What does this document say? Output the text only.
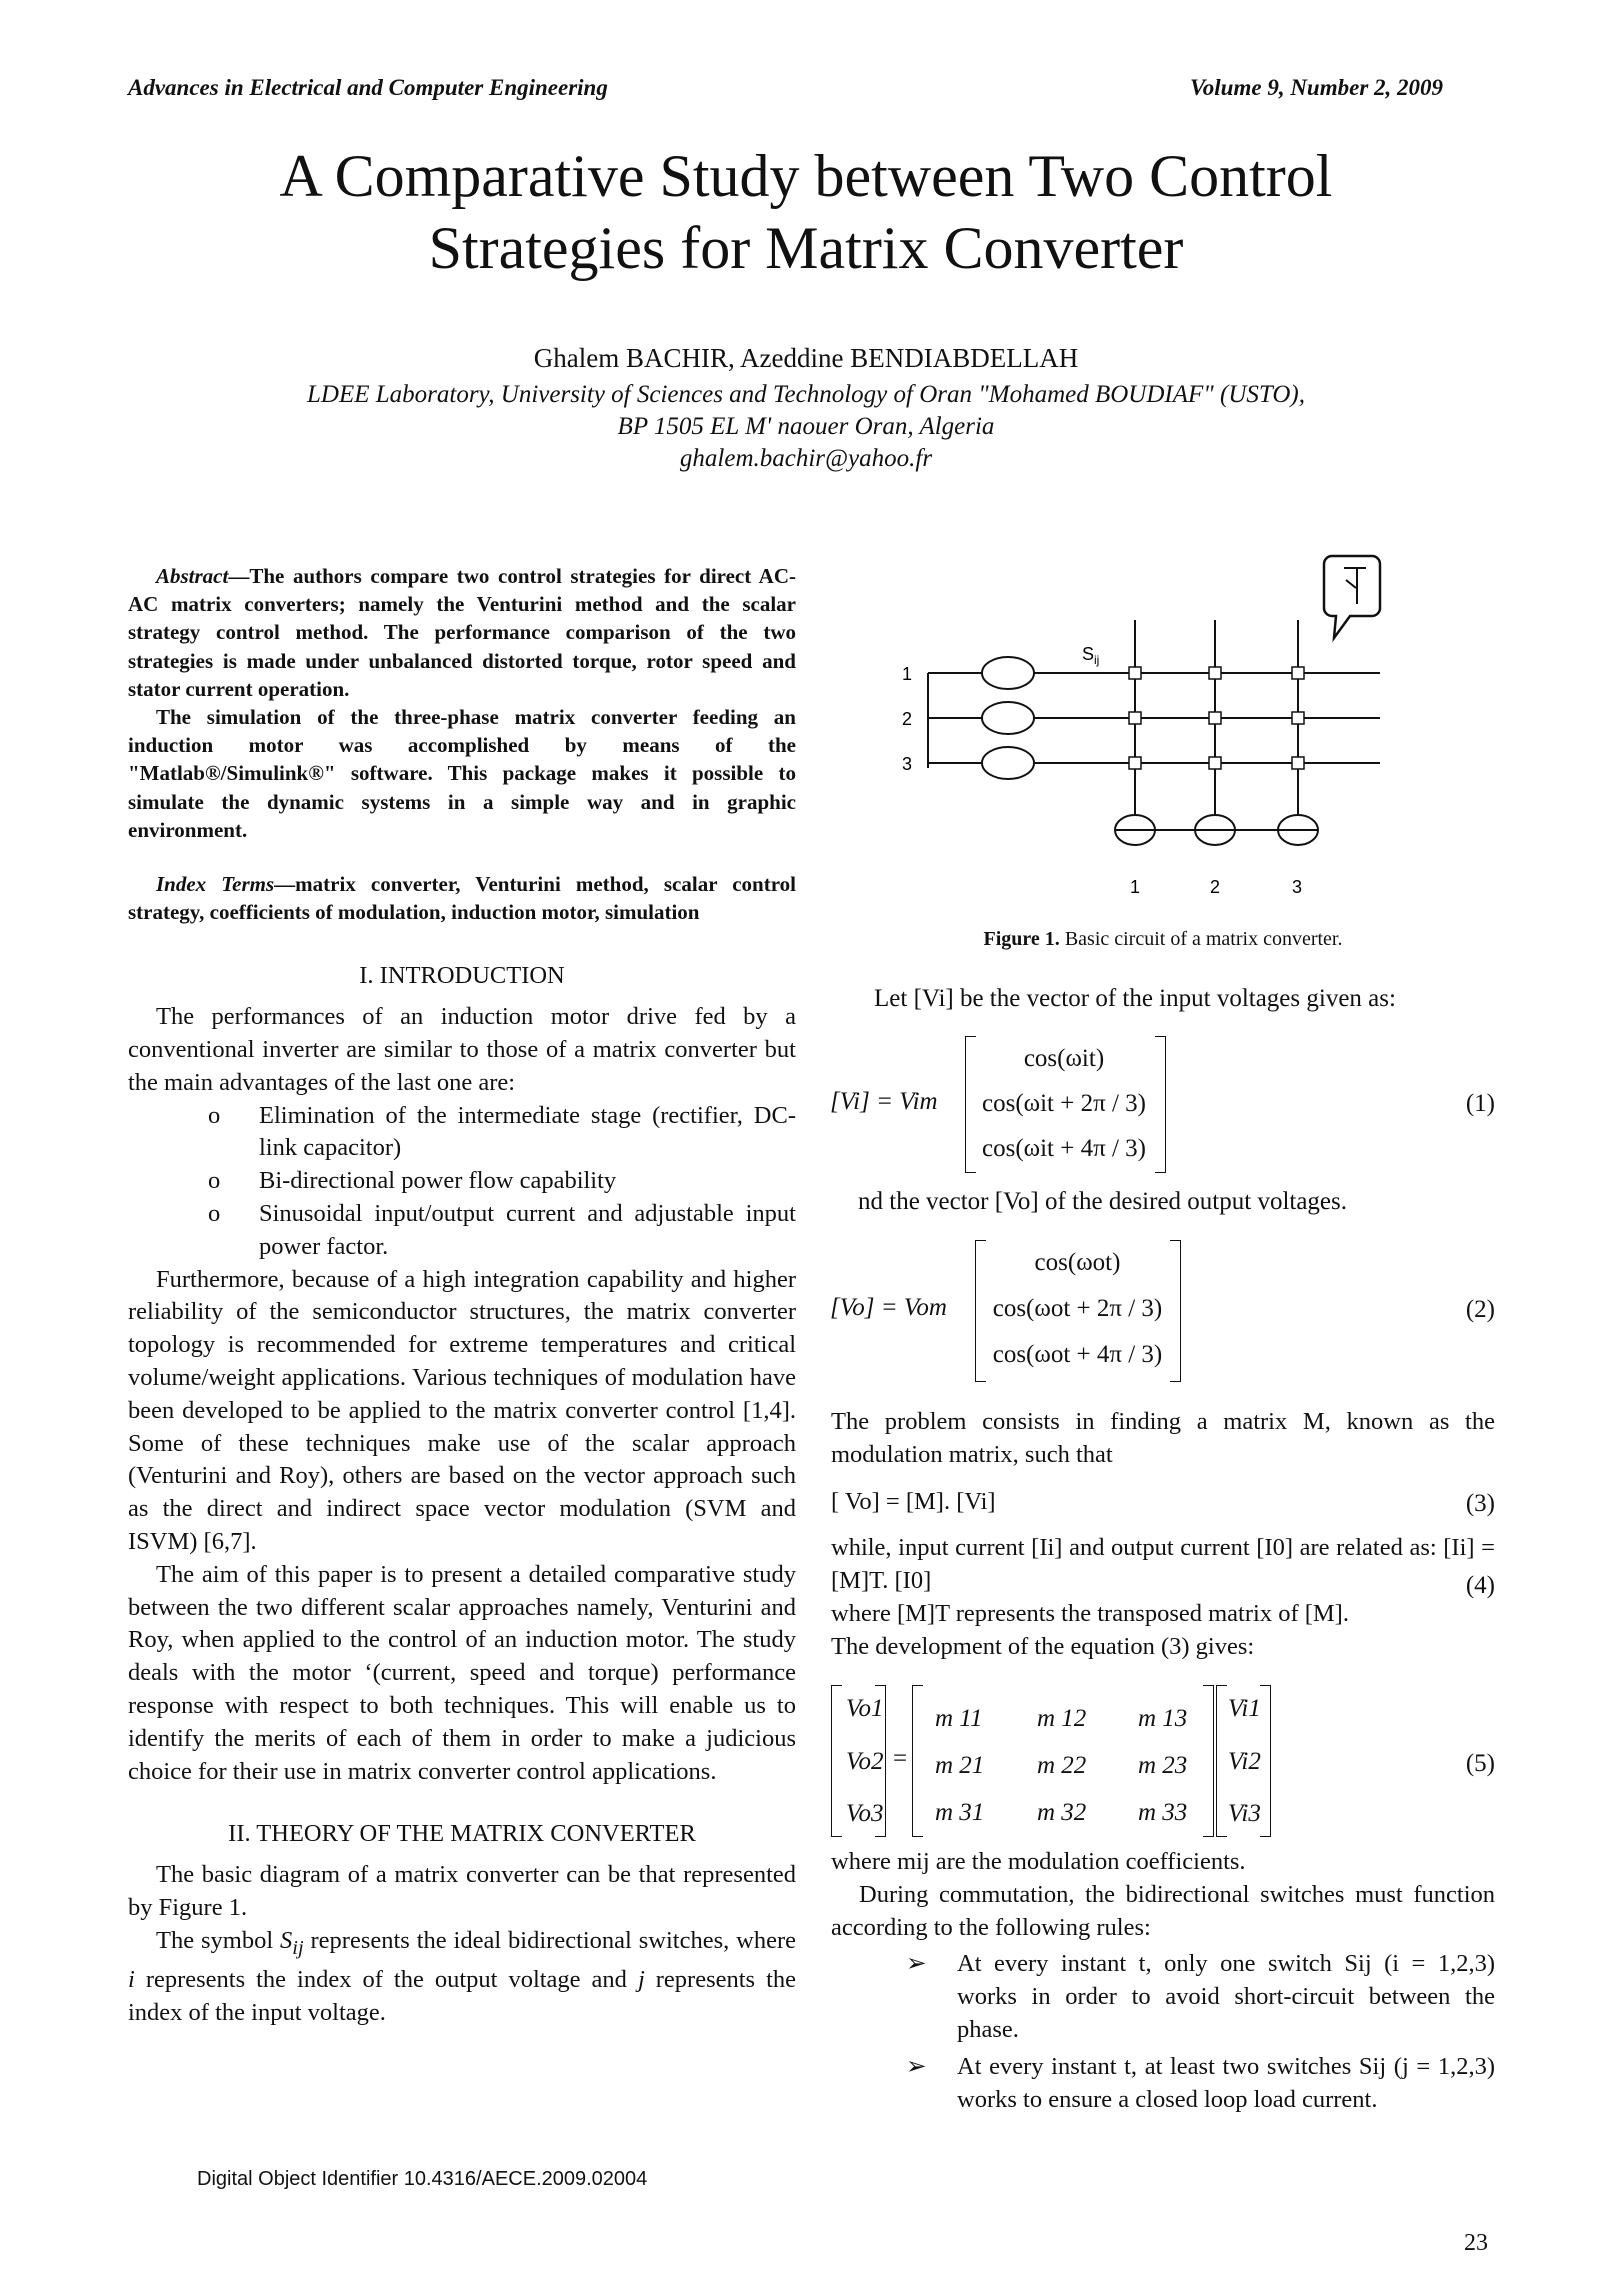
Advances in Electrical and Computer Engineering	Volume 9, Number 2, 2009
A Comparative Study between Two Control
Strategies for Matrix Converter
Ghalem BACHIR, Azeddine BENDIABDELLAH
LDEE Laboratory, University of Sciences and Technology of Oran "Mohamed BOUDIAF" (USTO),
BP 1505 EL M' naouer Oran, Algeria
ghalem.bachir@yahoo.fr

Abstract—The authors compare two control strategies for direct AC-AC matrix converters; namely the Venturini method and the scalar strategy control method. The performance comparison of the two strategies is made under unbalanced distorted torque, rotor speed and stator current operation.

The simulation of the three-phase matrix converter feeding an induction motor was accomplished by means of the "Matlab®/Simulink®" software. This package makes it possible to simulate the dynamic systems in a simple way and in graphic environment.

Index Terms—matrix converter, Venturini method, scalar control strategy, coefficients of modulation, induction motor, simulation

I. INTRODUCTION

The performances of an induction motor drive fed by a conventional inverter are similar to those of a matrix converter but the main advantages of the last one are:

o	Elimination of the intermediate stage (rectifier, DC-link capacitor)
o	Bi-directional power flow capability
o	Sinusoidal input/output current and adjustable input power factor.

Furthermore, because of a high integration capability and higher reliability of the semiconductor structures, the matrix converter topology is recommended for extreme temperatures and critical volume/weight applications. Various techniques of modulation have been developed to be applied to the matrix converter control [1,4]. Some of these techniques make use of the scalar approach (Venturini and Roy), others are based on the vector approach such as the direct and indirect space vector modulation (SVM and ISVM) [6,7].

The aim of this paper is to present a detailed comparative study between the two different scalar approaches namely, Venturini and Roy, when applied to the control of an induction motor. The study deals with the motor ‘(current, speed and torque) performance response with respect to both techniques. This will enable us to identify the merits of each of them in order to make a judicious choice for their use in matrix converter control applications.

II. THEORY OF THE MATRIX CONVERTER

The basic diagram of a matrix converter can be that represented by Figure 1.

The symbol $S_{ij}$ represents the ideal bidirectional switches, where i represents the index of the output voltage and j represents the index of the input voltage.

$S_{ij}$
1
2
3
1	2	3
Figure 1. Basic circuit of a matrix converter.
Let [Vi] be the vector of the input voltages given as:
[Vi] = Vim
cos(ωit)
cos(ωit + 2π / 3)
cos(ωit + 4π / 3)
(1)
nd the vector [Vo] of the desired output voltages.
[Vo] = Vom
cos(ωot)
cos(ωot + 2π / 3)
cos(ωot + 4π / 3)
(2)

The problem consists in finding a matrix M, known as the modulation matrix, such that

[ Vo] = [M]. [Vi]

while, input current [Ii] and output current [I0] are related as: [Ii] = [M]T. [I0]

where [M]T represents the transposed matrix of [M].

The development of the equation (3) gives:

(3)
(4)
Vo1
Vo2
Vo3
=
m 11 m 12 m 13
m 21 m 22 m 23
m 31 m 32 m 33
Vi1
Vi2
Vi3
(5)

where mij are the modulation coefficients.

During commutation, the bidirectional switches must function according to the following rules:

➢	At every instant t, only one switch Sij (i = 1,2,3) works in order to avoid short-circuit between the phase.
➢	At every instant t, at least two switches Sij (j = 1,2,3) works to ensure a closed loop load current.
Digital Object Identifier 10.4316/AECE.2009.02004
23
